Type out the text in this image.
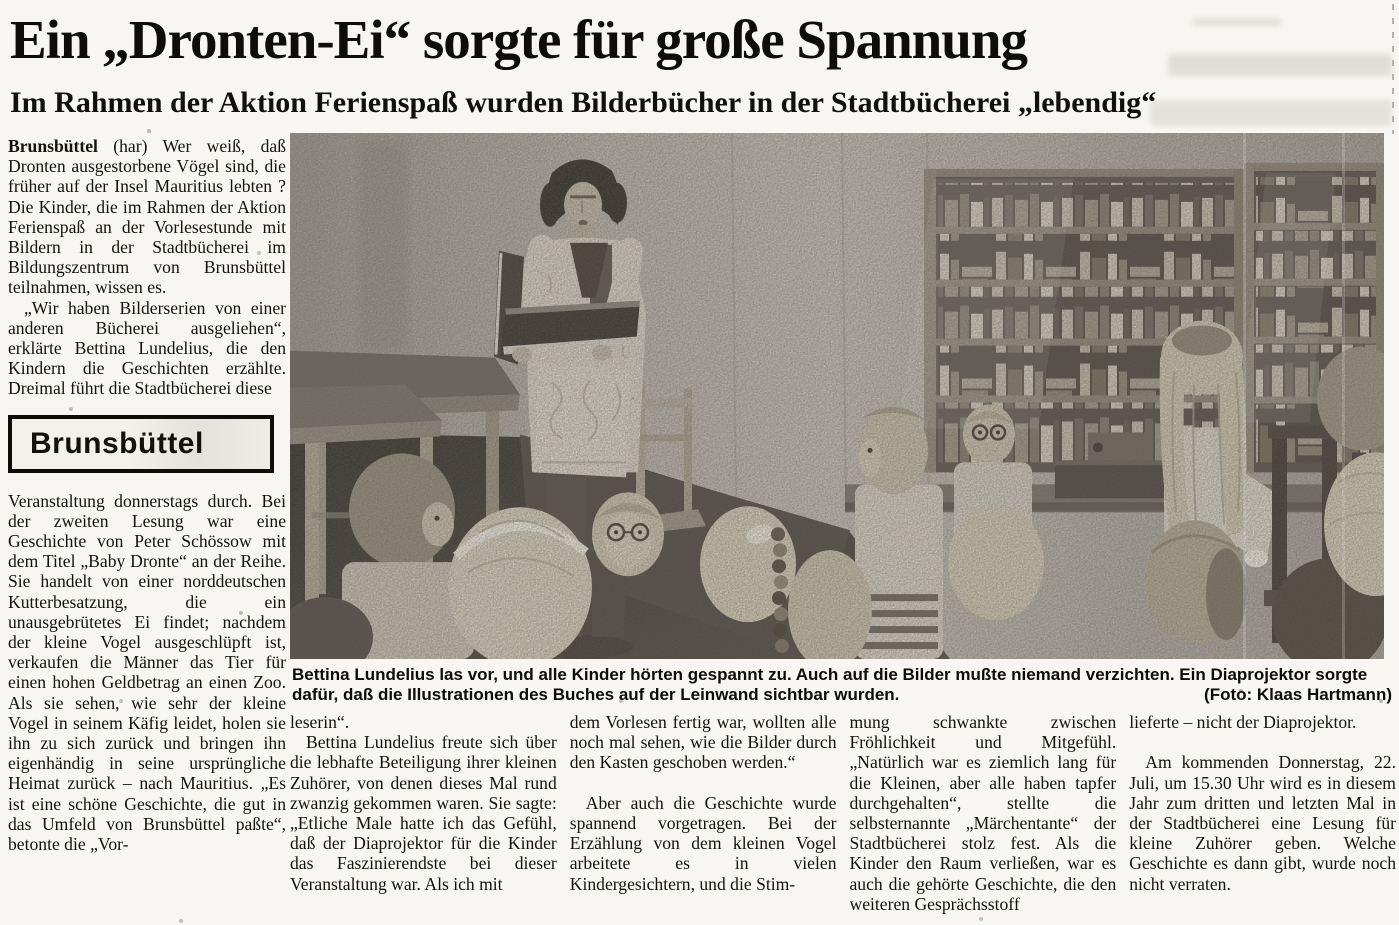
Ein „Dronten-Ei“ sorgte für große Spannung
Im Rahmen der Aktion Ferienspaß wurden Bilderbücher in der Stadtbücherei „lebendig“

Brunsbüttel (har) Wer weiß, daß Dronten ausgestorbene Vögel sind, die früher auf der Insel Mauritius lebten ? Die Kinder, die im Rahmen der Aktion Ferienspaß an der Vorlesestunde mit Bildern in der Stadtbücherei im Bildungszentrum von Brunsbüttel teilnahmen, wissen es.

„Wir haben Bilderserien von einer anderen Bücherei ausgeliehen“, erklärte Bettina Lundelius, die den Kindern die Geschichten erzählte. Dreimal führt die Stadtbücherei diese

Brunsbüttel

Veranstaltung donnerstags durch. Bei der zweiten Lesung war eine Geschichte von Peter Schössow mit dem Titel „Baby Dronte“ an der Reihe. Sie handelt von einer norddeutschen Kutterbesatzung, die ein unausgebrütetes Ei findet; nachdem der kleine Vogel ausgeschlüpft ist, verkaufen die Männer das Tier für einen hohen Geldbetrag an einen Zoo. Als sie sehen, wie sehr der kleine Vogel in seinem Käfig leidet, holen sie ihn zu sich zurück und bringen ihn eigenhändig in seine ursprüngliche Heimat zurück – nach Mauritius. „Es ist eine schöne Geschichte, die gut in das Umfeld von Brunsbüttel paßte“, betonte die „Vor-

Bettina Lundelius las vor, und alle Kinder hörten gespannt zu. Auch auf die Bilder mußte niemand verzichten. Ein Diaprojektor sorgte
dafür, daß die Illustrationen des Buches auf der Leinwand sichtbar wurden.	(Foto: Klaas Hartmann)

leserin“.

Bettina Lundelius freute sich über die lebhafte Beteiligung ihrer kleinen Zuhörer, von denen dieses Mal rund zwanzig gekommen waren. Sie sagte: „Etliche Male hatte ich das Gefühl, daß der Diaprojektor für die Kinder das Faszinierendste bei dieser Veranstaltung war. Als ich mit

dem Vorlesen fertig war, wollten alle noch mal sehen, wie die Bilder durch den Kasten geschoben werden.“

Aber auch die Geschichte wurde spannend vorgetragen. Bei der Erzählung von dem kleinen Vogel arbeitete es in vielen Kindergesichtern, und die Stim-

mung schwankte zwischen Fröhlichkeit und Mitgefühl. „Natürlich war es ziemlich lang für die Kleinen, aber alle haben tapfer durchgehalten“, stellte die selbsternannte „Märchentante“ der Stadtbücherei stolz fest. Als die Kinder den Raum verließen, war es auch die gehörte Geschichte, die den weiteren Gesprächsstoff

lieferte – nicht der Diaprojektor.

Am kommenden Donnerstag, 22. Juli, um 15.30 Uhr wird es in diesem Jahr zum dritten und letzten Mal in der Stadtbücherei eine Lesung für kleine Zuhörer geben. Welche Geschichte es dann gibt, wurde noch nicht verraten.
